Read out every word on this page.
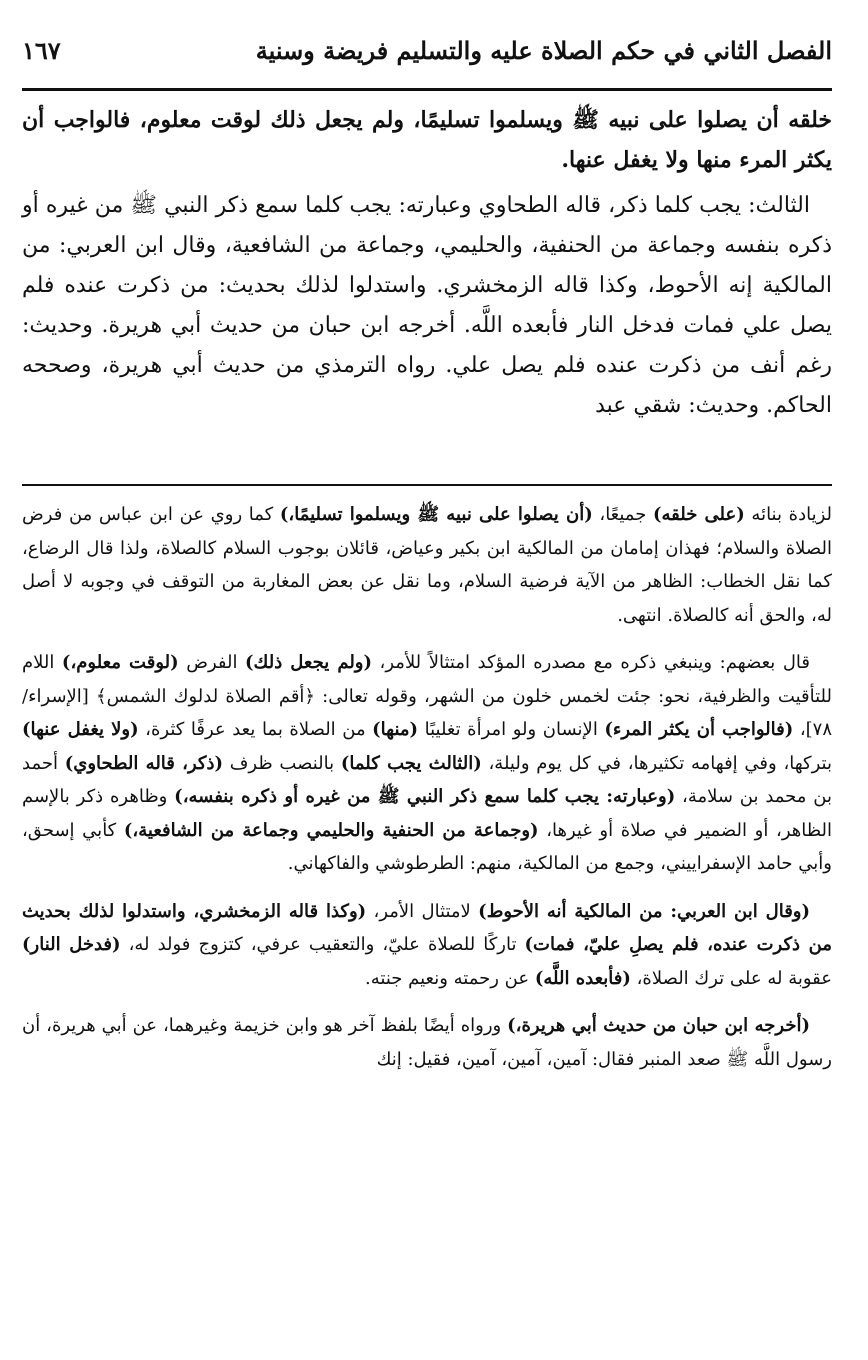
الفصل الثاني في حكم الصلاة عليه والتسليم فريضة وسنية
١٦٧

خلقه أن يصلوا على نبيه ﷺ ويسلموا تسليمًا، ولم يجعل ذلك لوقت معلوم، فالواجب أن يكثر المرء منها ولا يغفل عنها.

الثالث: يجب كلما ذكر، قاله الطحاوي وعبارته: يجب كلما سمع ذكر النبي ﷺ من غيره أو ذكره بنفسه وجماعة من الحنفية، والحليمي، وجماعة من الشافعية، وقال ابن العربي: من المالكية إنه الأحوط، وكذا قاله الزمخشري. واستدلوا لذلك بحديث: من ذكرت عنده فلم يصل علي فمات فدخل النار فأبعده اللَّه. أخرجه ابن حبان من حديث أبي هريرة. وحديث: رغم أنف من ذكرت عنده فلم يصل علي. رواه الترمذي من حديث أبي هريرة، وصححه الحاكم. وحديث: شقي عبد

لزيادة بنائه (على خلقه) جميعًا، (أن يصلوا على نبيه ﷺ ويسلموا تسليمًا،) كما روي عن ابن عباس من فرض الصلاة والسلام؛ فهذان إمامان من المالكية ابن بكير وعياض، قائلان بوجوب السلام كالصلاة، ولذا قال الرضاع، كما نقل الخطاب: الظاهر من الآية فرضية السلام، وما نقل عن بعض المغاربة من التوقف في وجوبه لا أصل له، والحق أنه كالصلاة. انتهى.

قال بعضهم: وينبغي ذكره مع مصدره المؤكد امتثالاً للأمر، (ولم يجعل ذلك) الفرض (لوقت معلوم،) اللام للتأقيت والظرفية، نحو: جئت لخمس خلون من الشهر، وقوله تعالى: ﴿أقم الصلاة لدلوك الشمس﴾ [الإسراء/٧٨]، (فالواجب أن يكثر المرء) الإنسان ولو امرأة تغليبًا (منها) من الصلاة بما يعد عرفًا كثرة، (ولا يغفل عنها) بتركها، وفي إفهامه تكثيرها، في كل يوم وليلة، (الثالث يجب كلما) بالنصب ظرف (ذكر، قاله الطحاوي) أحمد بن محمد بن سلامة، (وعبارته: يجب كلما سمع ذكر النبي ﷺ من غيره أو ذكره بنفسه،) وظاهره ذكر بالإسم الظاهر، أو الضمير في صلاة أو غيرها، (وجماعة من الحنفية والحليمي وجماعة من الشافعية،) كأبي إسحق، وأبي حامد الإسفراييني، وجمع من المالكية، منهم: الطرطوشي والفاكهاني.

(وقال ابن العربي: من المالكية أنه الأحوط) لامتثال الأمر، (وكذا قاله الزمخشري، واستدلوا لذلك بحديث من ذكرت عنده، فلم يصلِ عليّ، فمات) تاركًا للصلاة عليّ، والتعقيب عرفي، كتزوج فولد له، (فدخل النار) عقوبة له على ترك الصلاة، (فأبعده اللَّه) عن رحمته ونعيم جنته.

(أخرجه ابن حبان من حديث أبي هريرة،) ورواه أيضًا بلفظ آخر هو وابن خزيمة وغيرهما، عن أبي هريرة، أن رسول اللَّه ﷺ صعد المنبر فقال: آمين، آمين، آمين، فقيل: إنك
